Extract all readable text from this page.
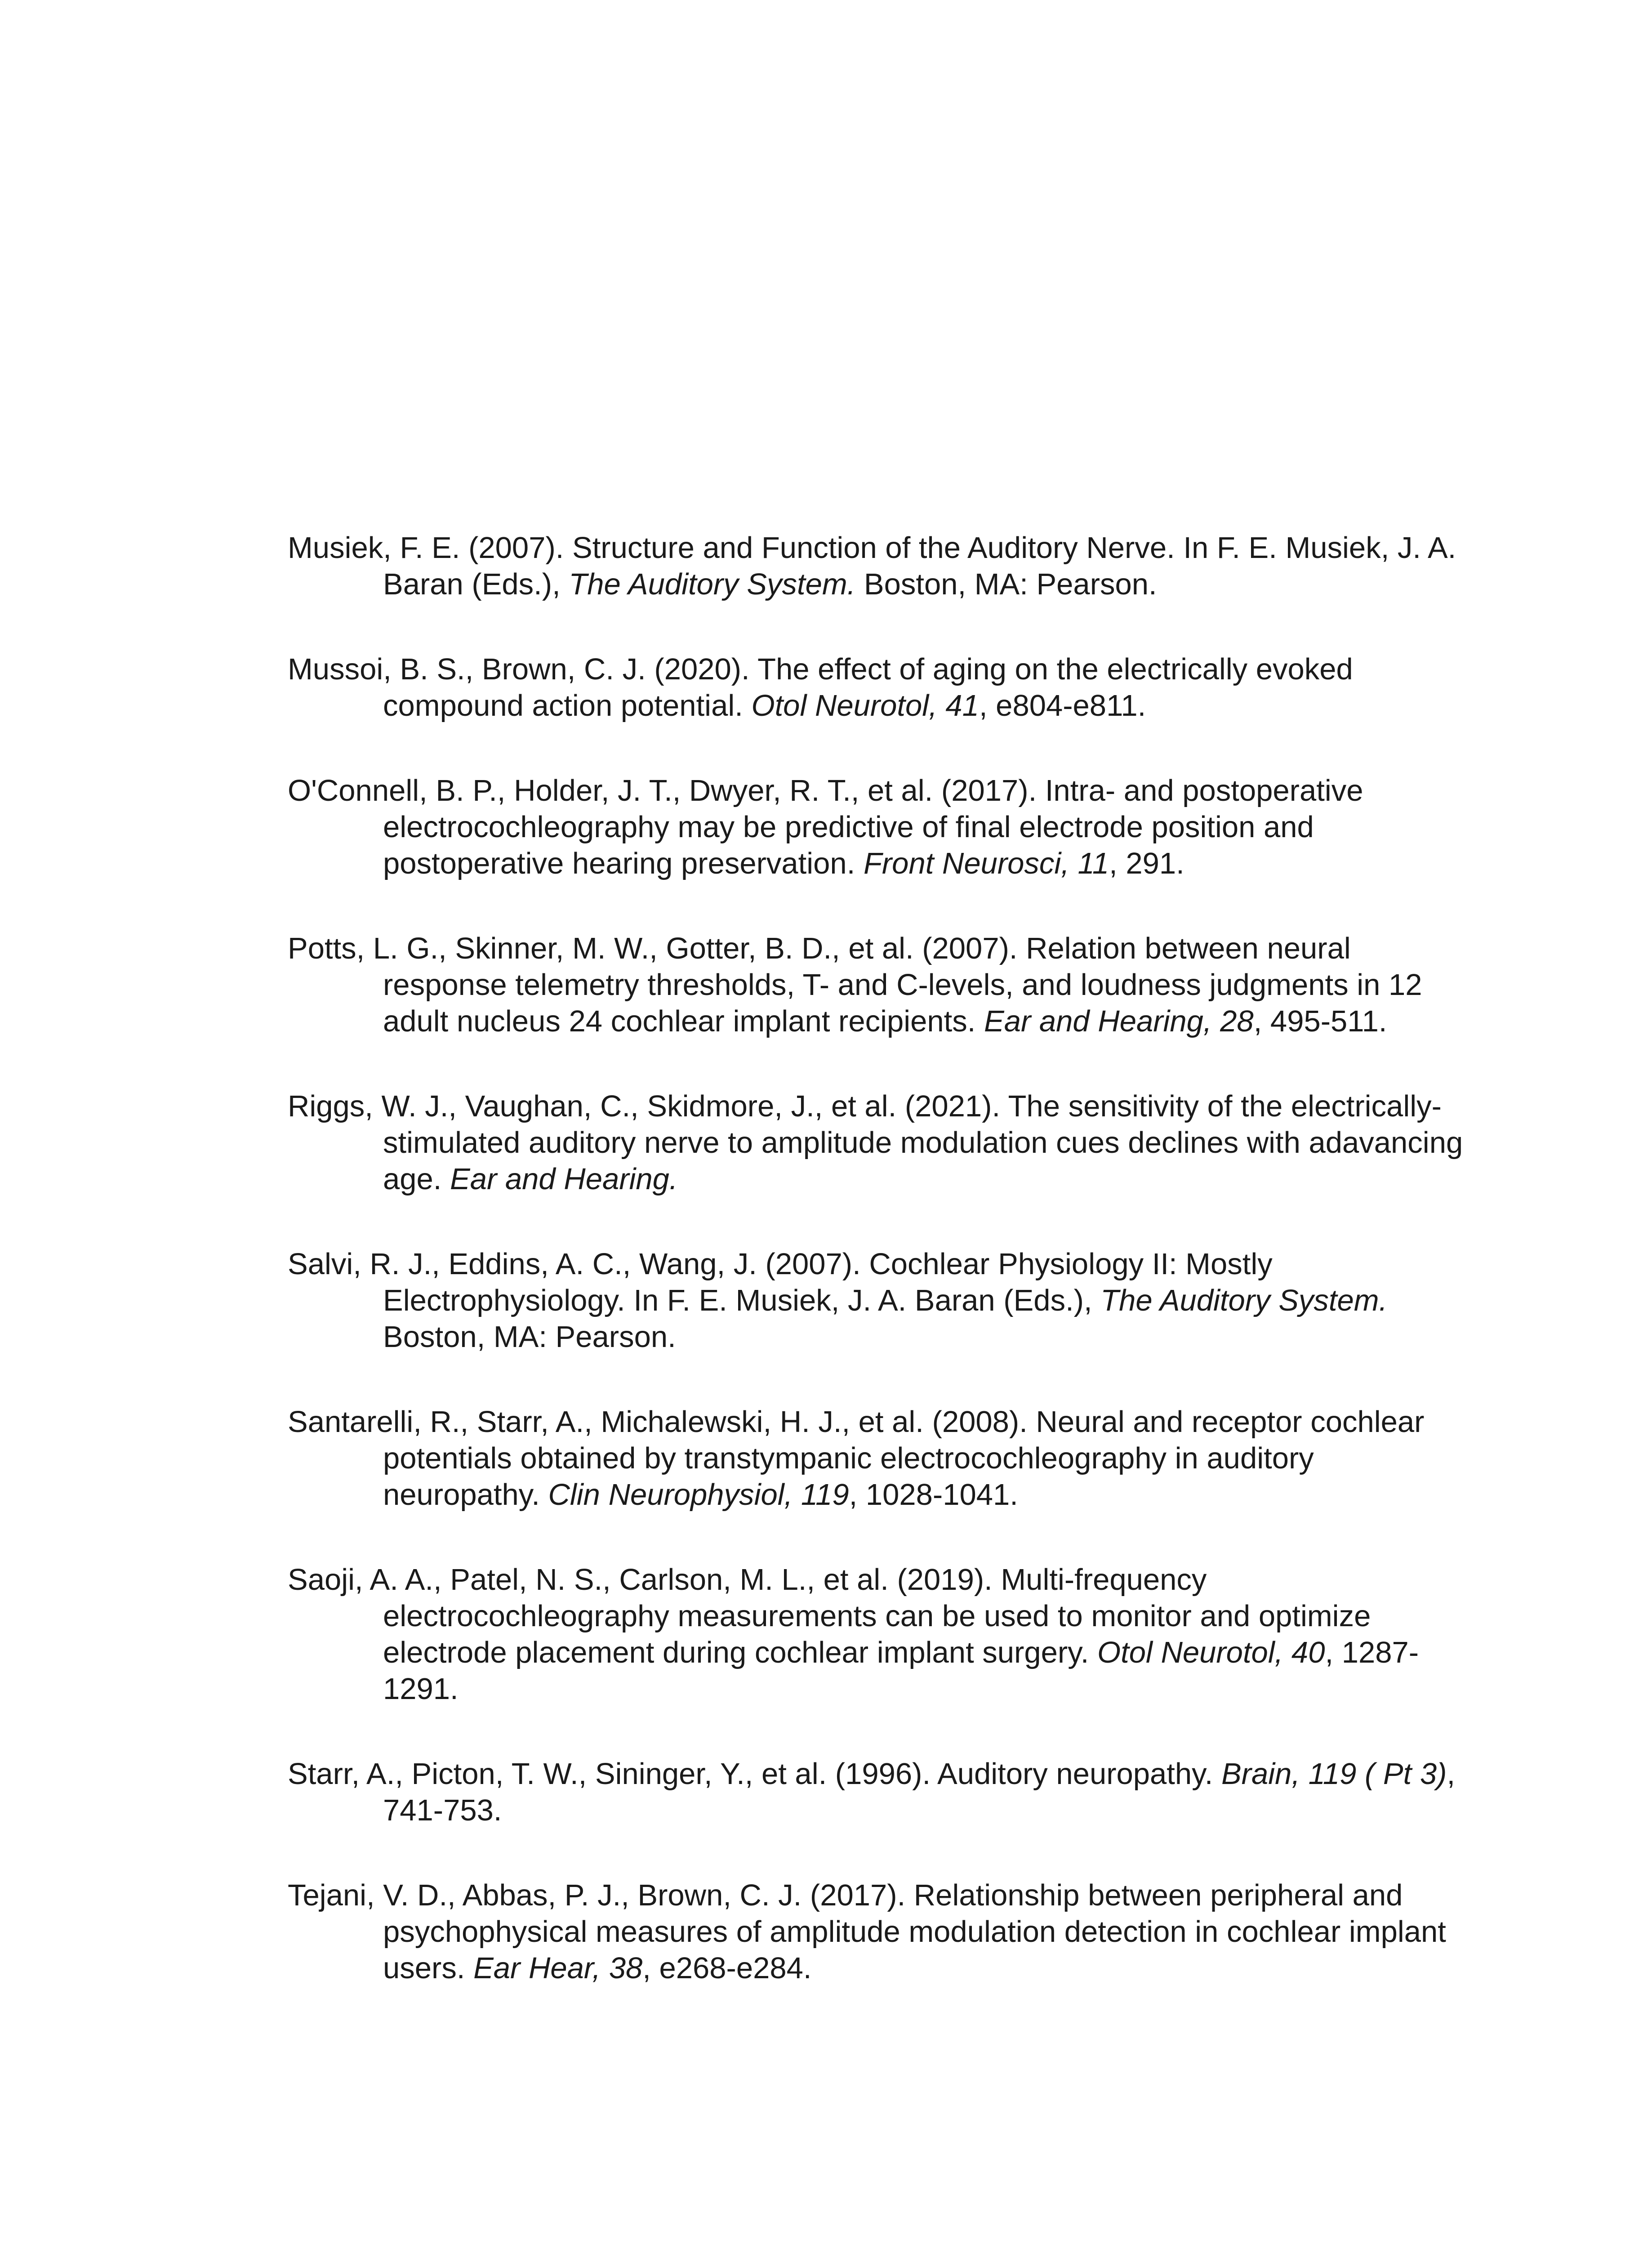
Musiek, F. E. (2007). Structure and Function of the Auditory Nerve. In F. E. Musiek, J. A. Baran (Eds.), The Auditory System. Boston, MA: Pearson.

Mussoi, B. S., Brown, C. J. (2020). The effect of aging on the electrically evoked compound action potential. Otol Neurotol, 41, e804-e811.

O'Connell, B. P., Holder, J. T., Dwyer, R. T., et al. (2017). Intra- and postoperative electrocochleography may be predictive of final electrode position and postoperative hearing preservation. Front Neurosci, 11, 291.

Potts, L. G., Skinner, M. W., Gotter, B. D., et al. (2007). Relation between neural response telemetry thresholds, T- and C-levels, and loudness judgments in 12 adult nucleus 24 cochlear implant recipients. Ear and Hearing, 28, 495-511.

Riggs, W. J., Vaughan, C., Skidmore, J., et al. (2021). The sensitivity of the electrically-stimulated auditory nerve to amplitude modulation cues declines with adavancing age. Ear and Hearing.

Salvi, R. J., Eddins, A. C., Wang, J. (2007). Cochlear Physiology II: Mostly Electrophysiology. In F. E. Musiek, J. A. Baran (Eds.), The Auditory System. Boston, MA: Pearson.

Santarelli, R., Starr, A., Michalewski, H. J., et al. (2008). Neural and receptor cochlear potentials obtained by transtympanic electrocochleography in auditory neuropathy. Clin Neurophysiol, 119, 1028-1041.

Saoji, A. A., Patel, N. S., Carlson, M. L., et al. (2019). Multi-frequency electrocochleography measurements can be used to monitor and optimize electrode placement during cochlear implant surgery. Otol Neurotol, 40, 1287-1291.

Starr, A., Picton, T. W., Sininger, Y., et al. (1996). Auditory neuropathy. Brain, 119 ( Pt 3), 741-753.

Tejani, V. D., Abbas, P. J., Brown, C. J. (2017). Relationship between peripheral and psychophysical measures of amplitude modulation detection in cochlear implant users. Ear Hear, 38, e268-e284.
